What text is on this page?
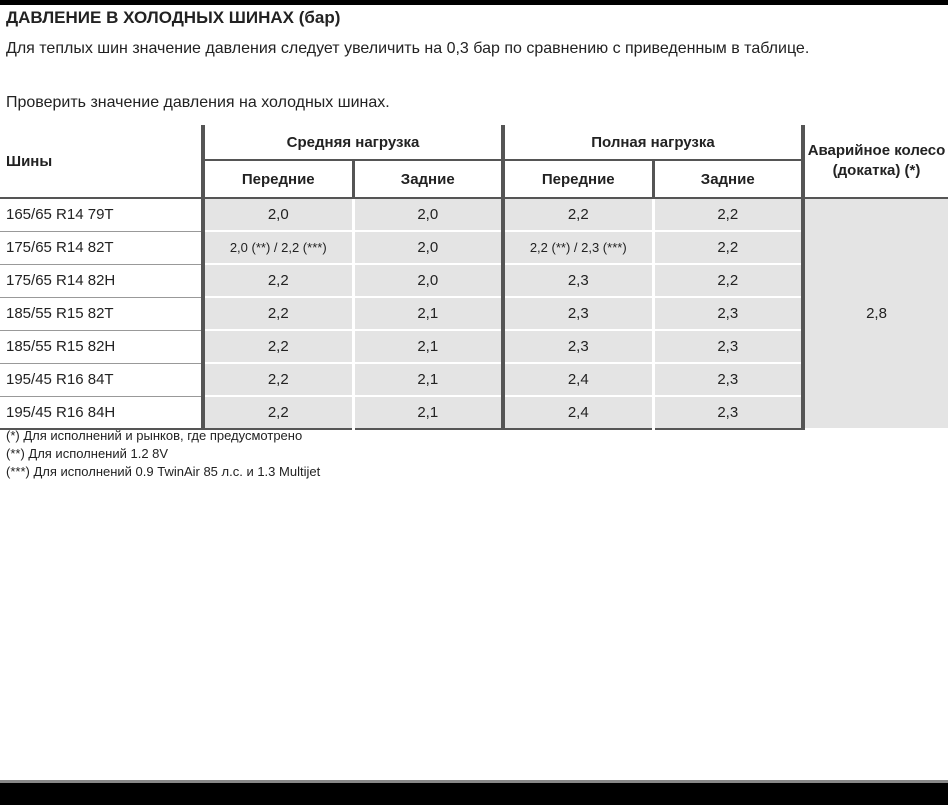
ДАВЛЕНИЕ В ХОЛОДНЫХ ШИНАХ (бар)
Для теплых шин значение давления следует увеличить на 0,3 бар по сравнению с приведенным в таблице.
Проверить значение давления на холодных шинах.
Шины	Средняя нагрузка		Полная нагрузка		Аварийное колесо (докатка) (*)
	Передние	Задние	Передние	Задние	
165/65 R14 79T	2,0	2,0	2,2	2,2	2,8
175/65 R14 82T	2,0 (**) / 2,2 (***)	2,0	2,2 (**) / 2,3 (***)	2,2	
175/65 R14 82H	2,2	2,0	2,3	2,2	
185/55 R15 82T	2,2	2,1	2,3	2,3	
185/55 R15 82H	2,2	2,1	2,3	2,3	
195/45 R16 84T	2,2	2,1	2,4	2,3	
195/45 R16 84H	2,2	2,1	2,4	2,3	
(*) Для исполнений и рынков, где предусмотрено
(**) Для исполнений 1.2 8V
(***) Для исполнений 0.9 TwinAir 85 л.с. и 1.3 Multijet
